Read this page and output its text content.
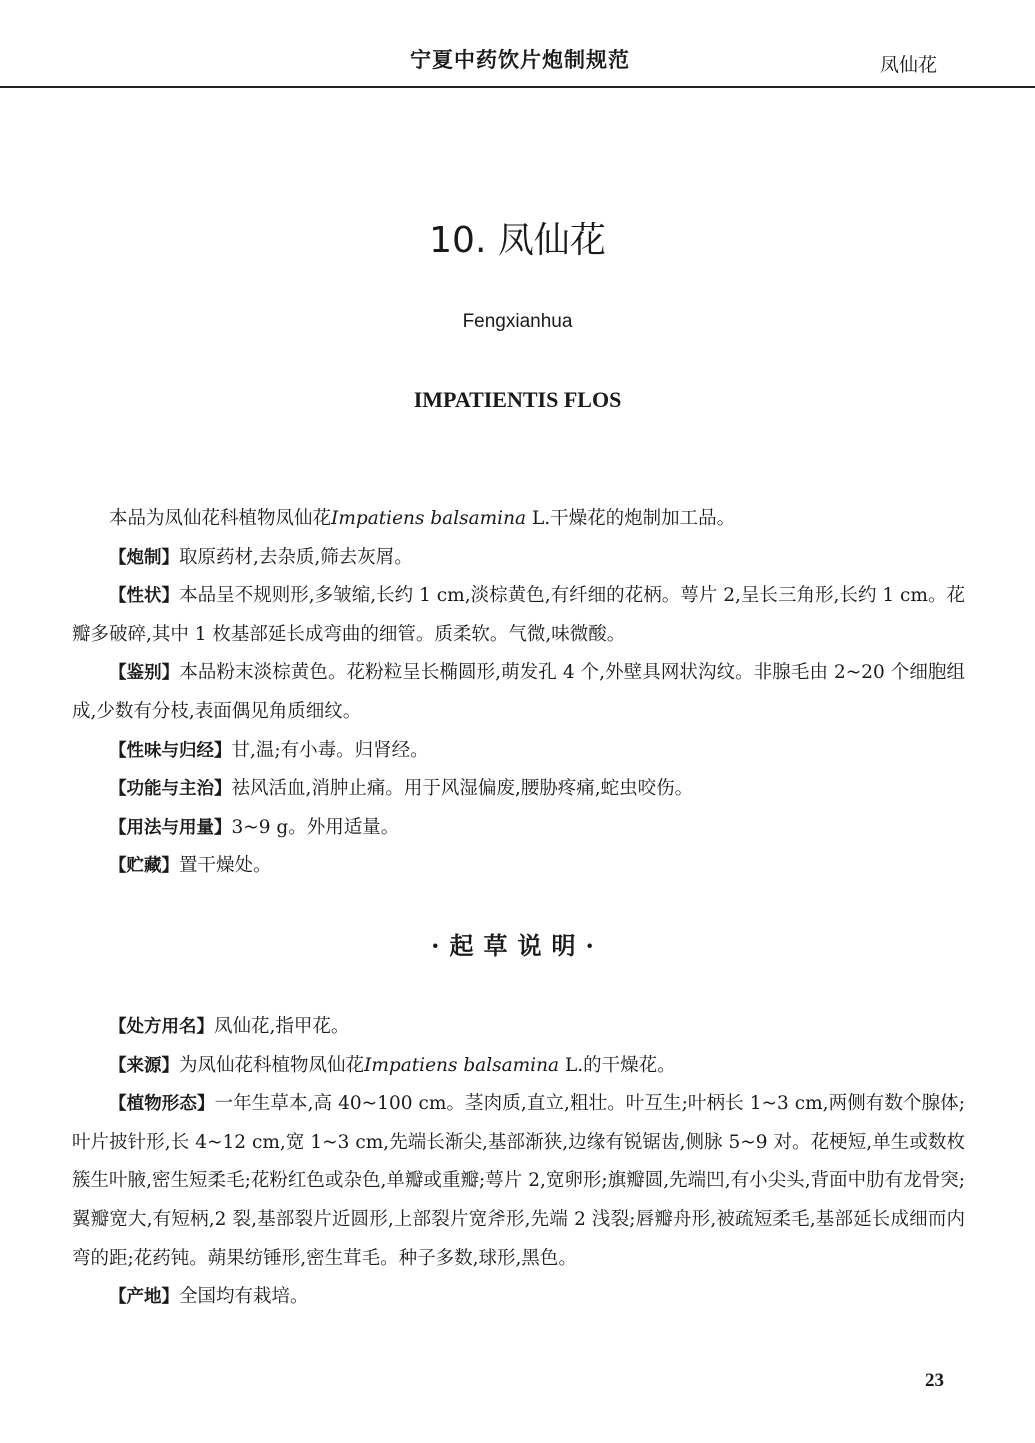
宁夏中药饮片炮制规范	凤仙花
10. 凤仙花
Fengxianhua
IMPATIENTIS FLOS

本品为凤仙花科植物凤仙花Impatiens balsamina L.干燥花的炮制加工品。

【炮制】取原药材,去杂质,筛去灰屑。

【性状】本品呈不规则形,多皱缩,长约 1 cm,淡棕黄色,有纤细的花柄。萼片 2,呈长三角形,长约 1 cm。花瓣多破碎,其中 1 枚基部延长成弯曲的细管。质柔软。气微,味微酸。

【鉴别】本品粉末淡棕黄色。花粉粒呈长椭圆形,萌发孔 4 个,外壁具网状沟纹。非腺毛由 2~20 个细胞组成,少数有分枝,表面偶见角质细纹。

【性味与归经】甘,温;有小毒。归肾经。

【功能与主治】祛风活血,消肿止痛。用于风湿偏废,腰胁疼痛,蛇虫咬伤。

【用法与用量】3~9 g。外用适量。

【贮藏】置干燥处。

·起草说明·

【处方用名】凤仙花,指甲花。

【来源】为凤仙花科植物凤仙花Impatiens balsamina L.的干燥花。

【植物形态】一年生草本,高 40~100 cm。茎肉质,直立,粗壮。叶互生;叶柄长 1~3 cm,两侧有数个腺体;叶片披针形,长 4~12 cm,宽 1~3 cm,先端长渐尖,基部渐狭,边缘有锐锯齿,侧脉 5~9 对。花梗短,单生或数枚簇生叶腋,密生短柔毛;花粉红色或杂色,单瓣或重瓣;萼片 2,宽卵形;旗瓣圆,先端凹,有小尖头,背面中肋有龙骨突;翼瓣宽大,有短柄,2 裂,基部裂片近圆形,上部裂片宽斧形,先端 2 浅裂;唇瓣舟形,被疏短柔毛,基部延长成细而内弯的距;花药钝。蒴果纺锤形,密生茸毛。种子多数,球形,黑色。

【产地】全国均有栽培。

23
